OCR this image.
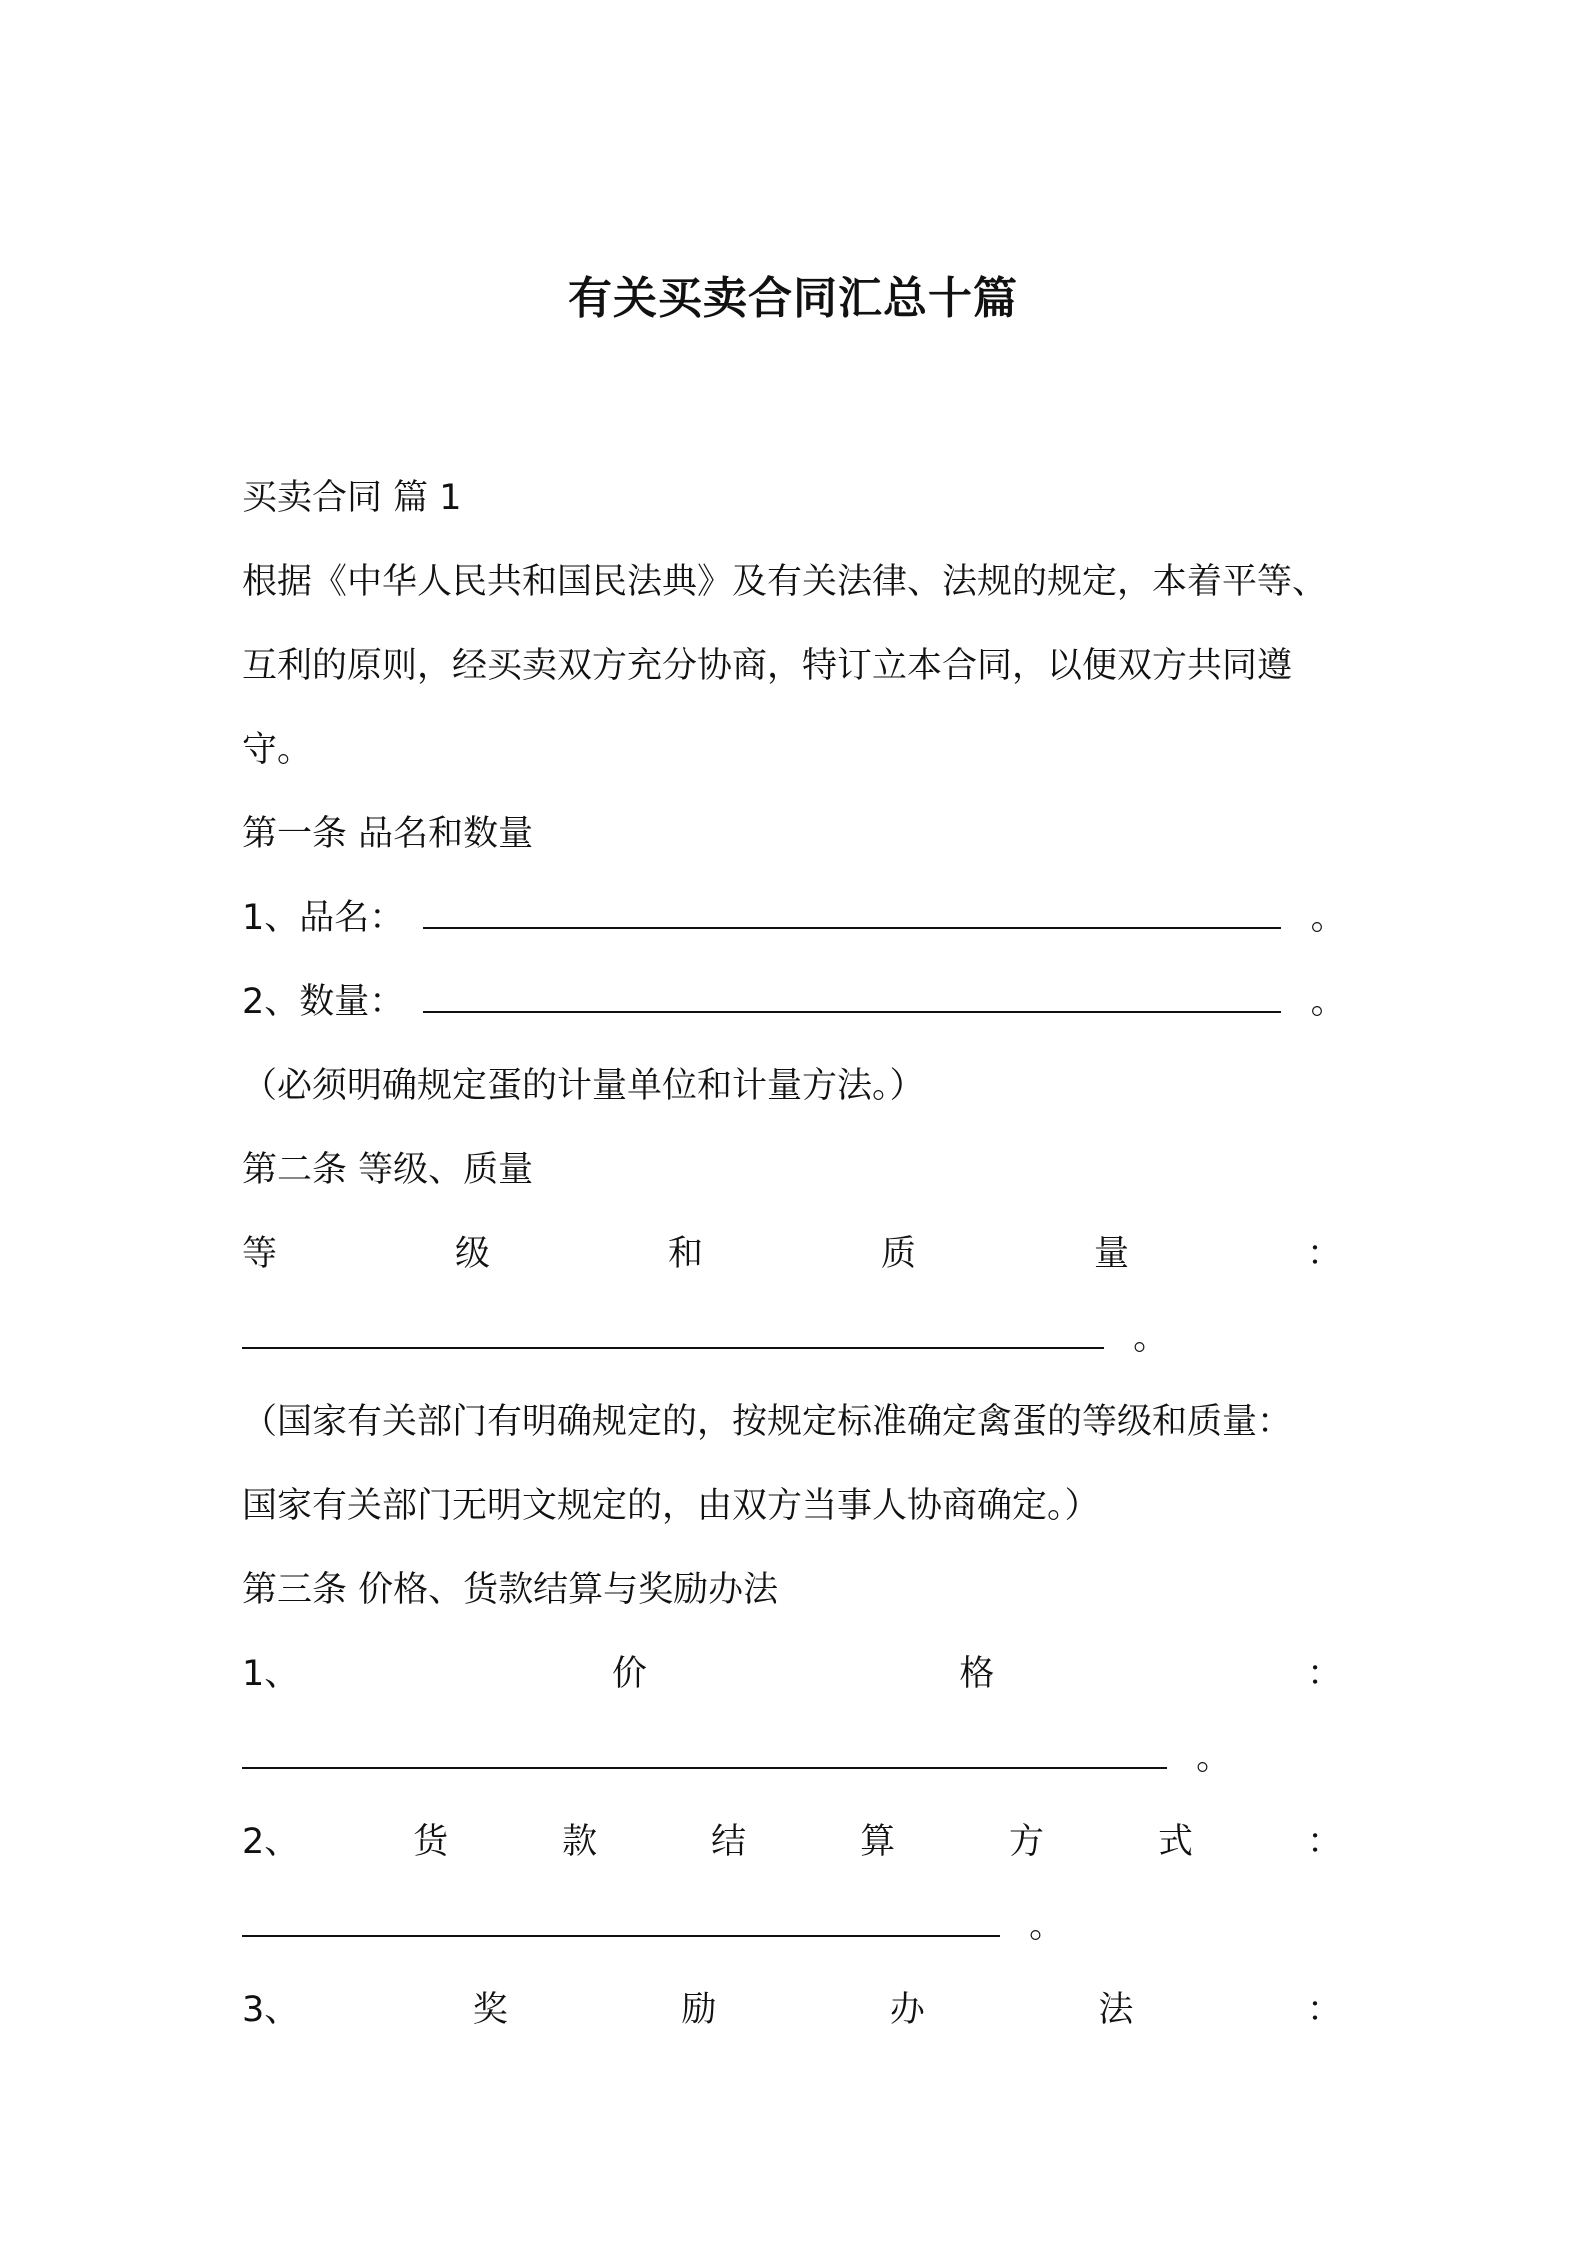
有关买卖合同汇总十篇
买卖合同 篇 1
根据《中华人民共和国民法典》及有关法律、法规的规定，本着平等、
互利的原则，经买卖双方充分协商，特订立本合同，以便双方共同遵
守。
第一条 品名和数量
1、品名：	。
2、数量：	。
（必须明确规定蛋的计量单位和计量方法。）
第二条 等级、质量
等	级	和	质	量	：
。
（国家有关部门有明确规定的，按规定标准确定禽蛋的等级和质量：
国家有关部门无明文规定的，由双方当事人协商确定。）
第三条 价格、货款结算与奖励办法
1、	价	格	：
。
2、	货	款	结	算	方	式	：
。
3、	奖	励	办	法	：
